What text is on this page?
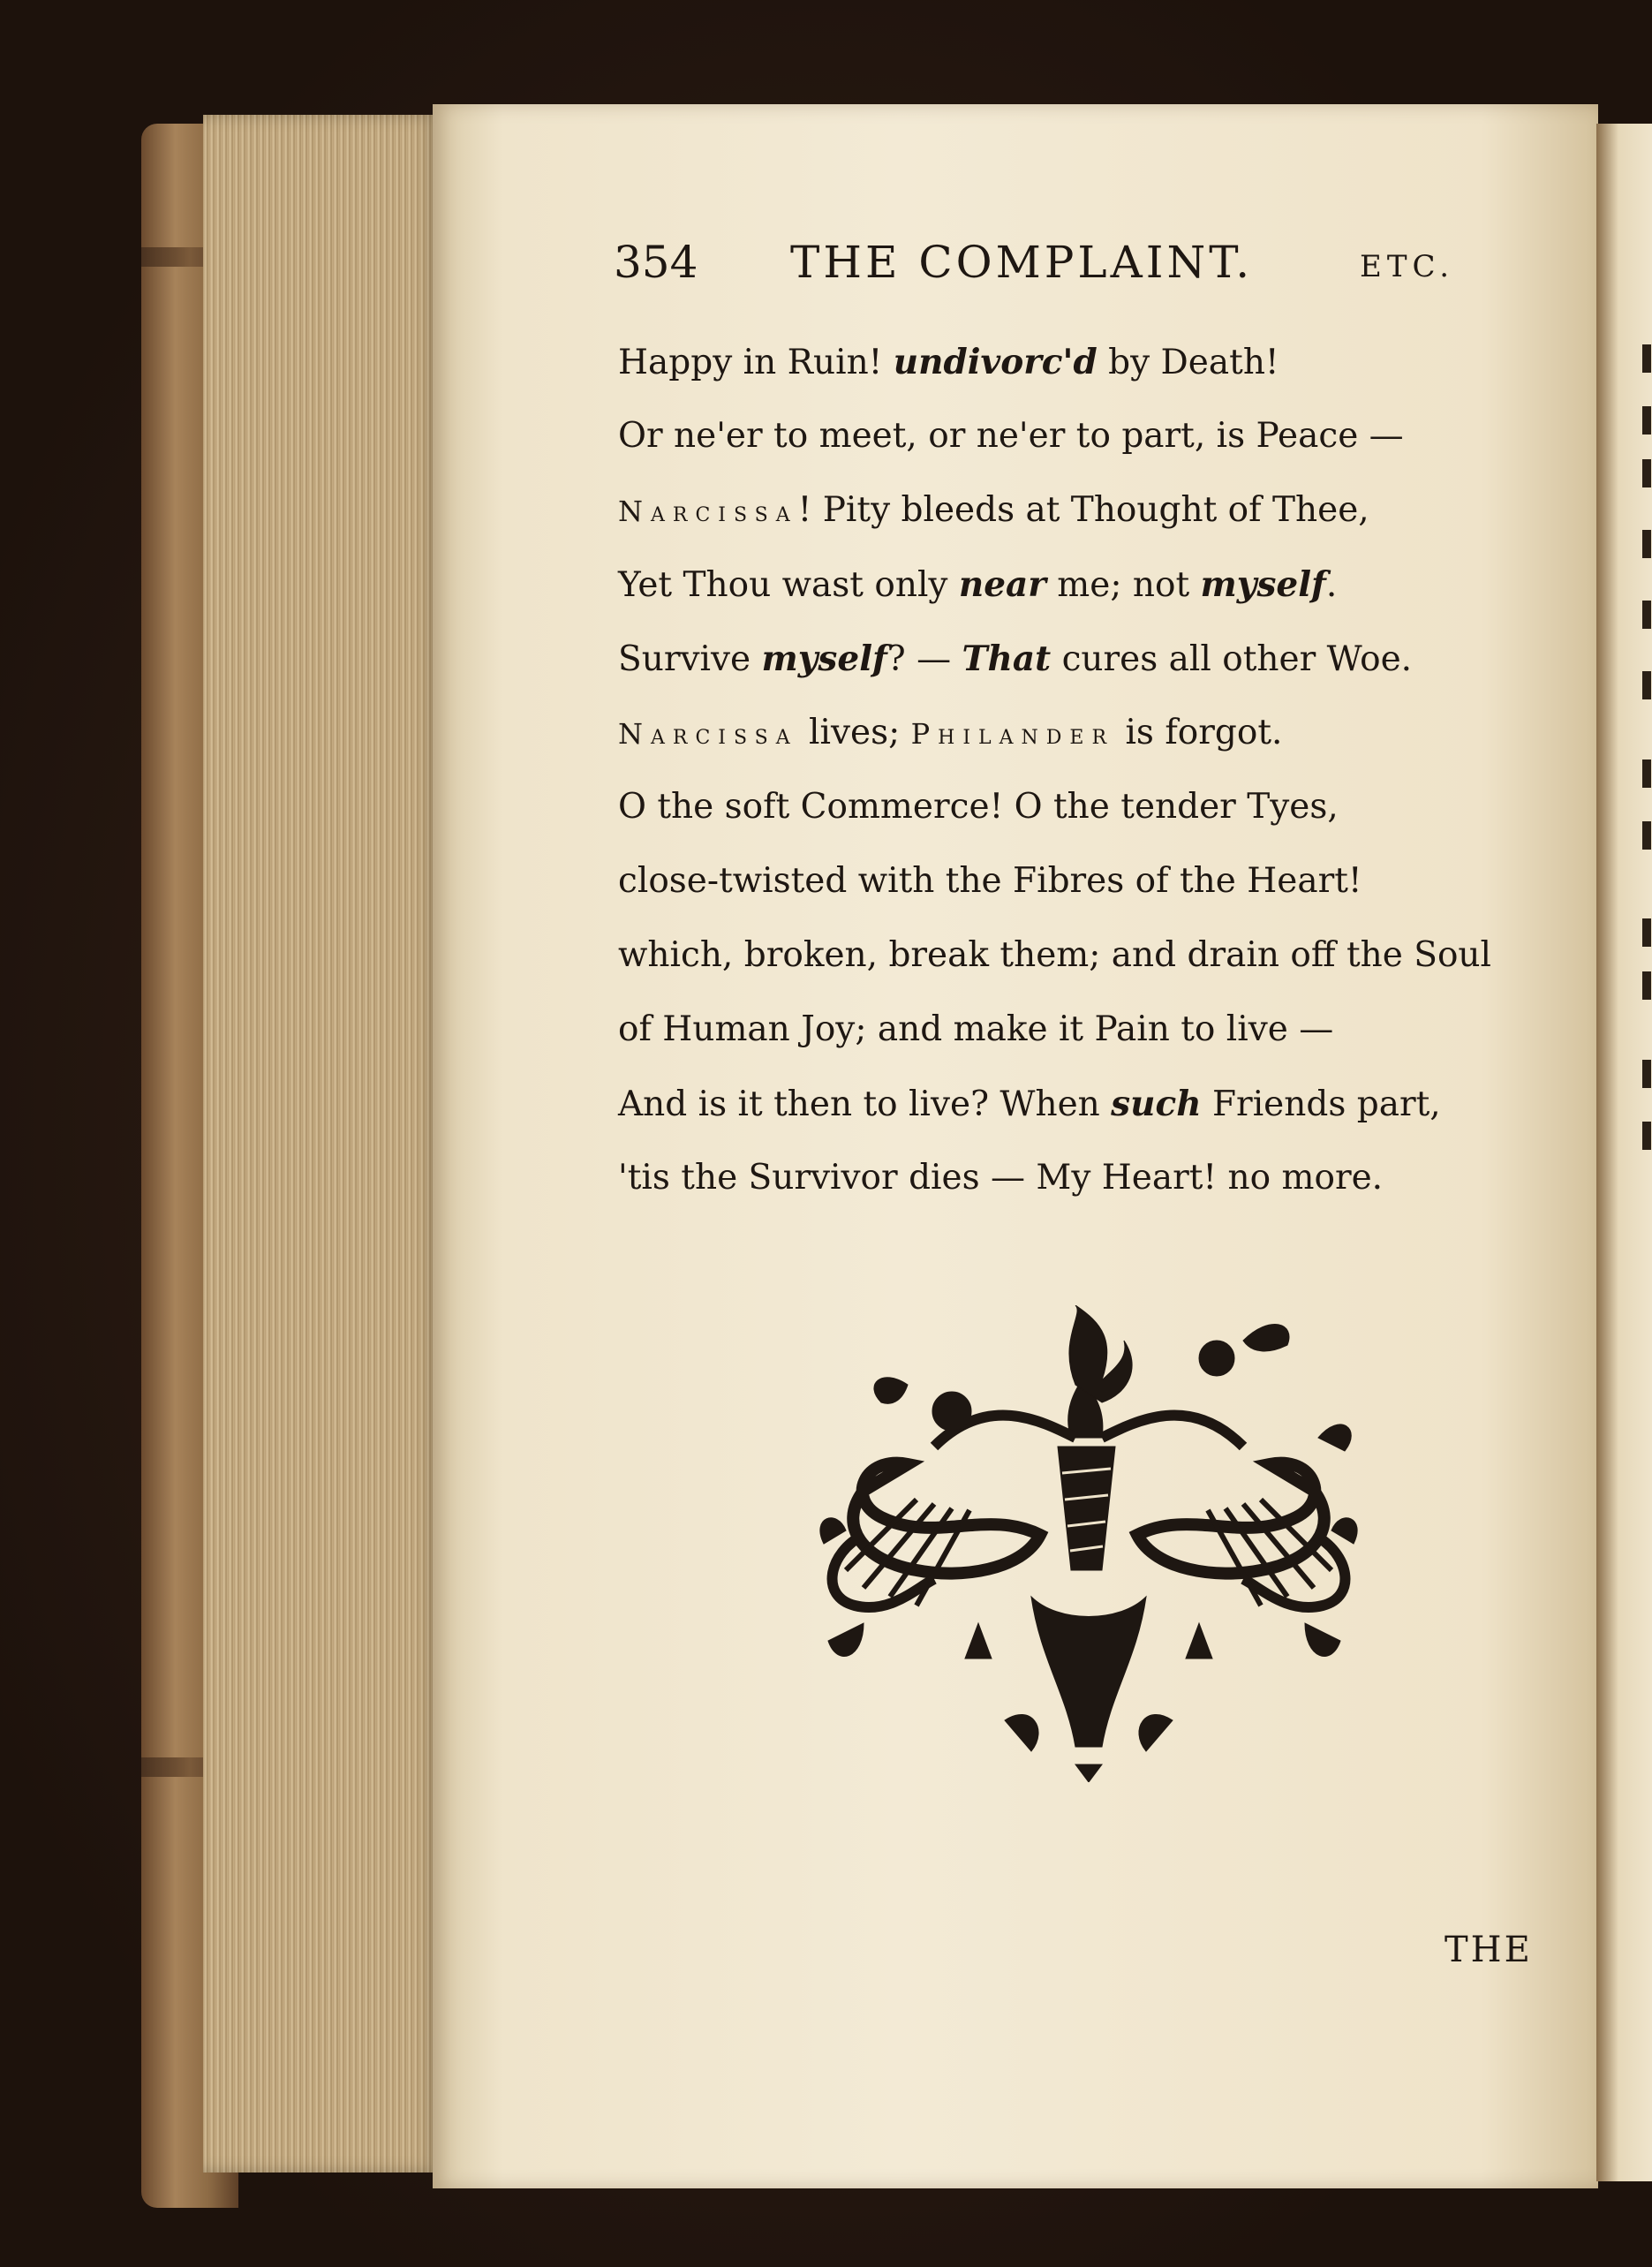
354 THE COMPLAINT.	ETC.
Happy in Ruin! undivorc'd by Death!
Or ne'er to meet, or ne'er to part, is Peace —
Narcissa! Pity bleeds at Thought of Thee,
Yet Thou wast only near me; not myself.
Survive myself? — That cures all other Woe.
Narcissa lives; Philander is forgot.
O the soft Commerce! O the tender Tyes,
close-twisted with the Fibres of the Heart!
which, broken, break them; and drain off the Soul
of Human Joy; and make it Pain to live —
And is it then to live? When such Friends part,
'tis the Survivor dies — My Heart! no more.
THE
